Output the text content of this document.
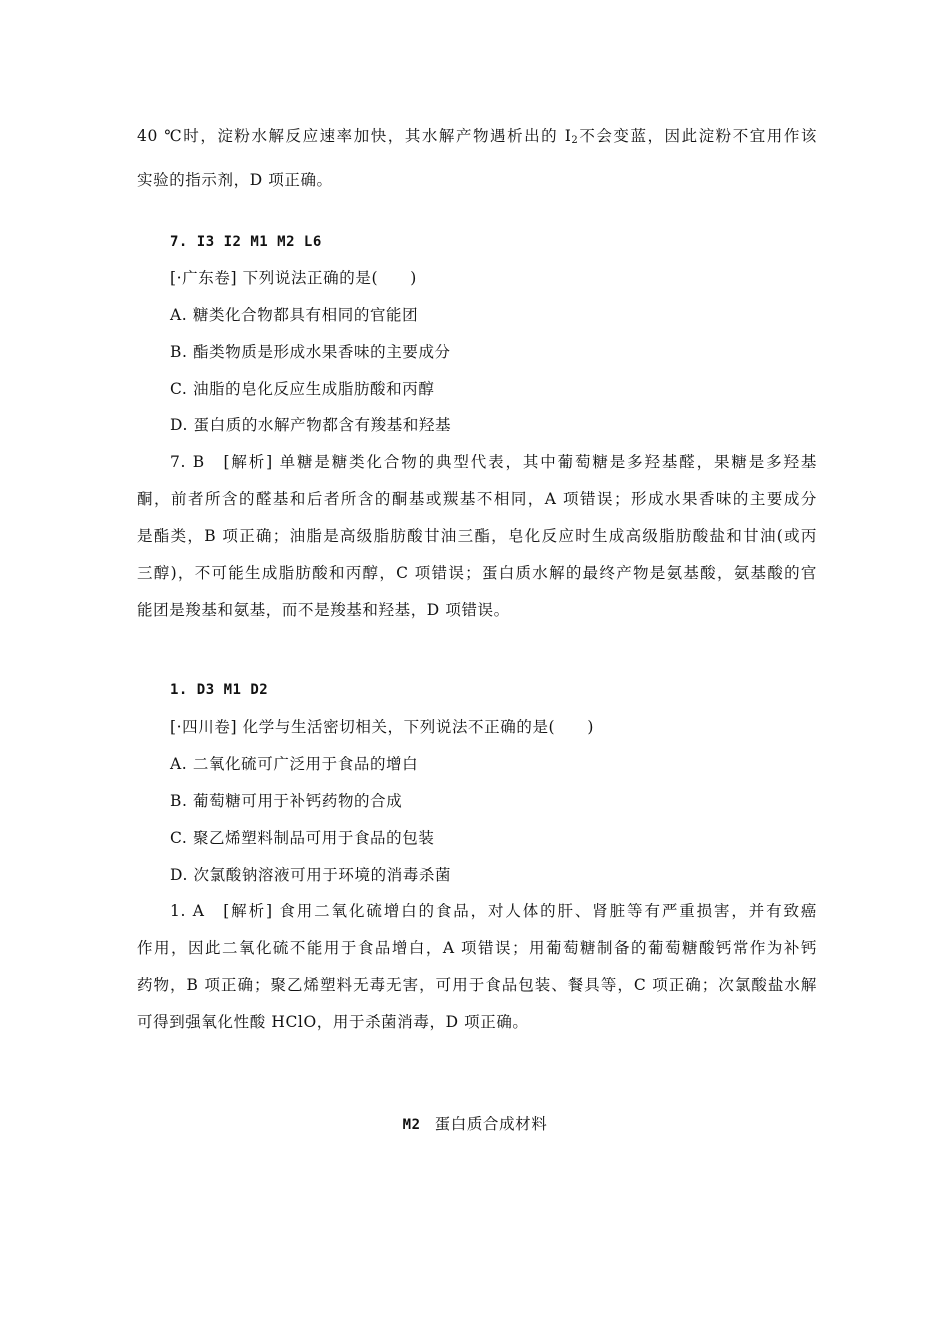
40 ℃时，淀粉水解反应速率加快，其水解产物遇析出的 $I_2$不会变蓝，因此淀粉不宜用作该
实验的指示剂，D 项正确。
7. I3 I2 M1 M2 L6
[·广东卷] 下列说法正确的是(　　)
A. 糖类化合物都具有相同的官能团
B. 酯类物质是形成水果香味的主要成分
C. 油脂的皂化反应生成脂肪酸和丙醇
D. 蛋白质的水解产物都含有羧基和羟基
7. B　[解析] 单糖是糖类化合物的典型代表，其中葡萄糖是多羟基醛，果糖是多羟基
酮，前者所含的醛基和后者所含的酮基或羰基不相同，A 项错误；形成水果香味的主要成分
是酯类，B 项正确；油脂是高级脂肪酸甘油三酯，皂化反应时生成高级脂肪酸盐和甘油(或丙
三醇)，不可能生成脂肪酸和丙醇，C 项错误；蛋白质水解的最终产物是氨基酸，氨基酸的官
能团是羧基和氨基，而不是羧基和羟基，D 项错误。
1. D3 M1 D2
[·四川卷] 化学与生活密切相关，下列说法不正确的是(　　)
A. 二氧化硫可广泛用于食品的增白
B. 葡萄糖可用于补钙药物的合成
C. 聚乙烯塑料制品可用于食品的包装
D. 次氯酸钠溶液可用于环境的消毒杀菌
1. A　[解析] 食用二氧化硫增白的食品，对人体的肝、肾脏等有严重损害，并有致癌
作用，因此二氧化硫不能用于食品增白，A 项错误；用葡萄糖制备的葡萄糖酸钙常作为补钙
药物，B 项正确；聚乙烯塑料无毒无害，可用于食品包装、餐具等，C 项正确；次氯酸盐水解
可得到强氧化性酸 HClO，用于杀菌消毒，D 项正确。
M2 蛋白质合成材料
